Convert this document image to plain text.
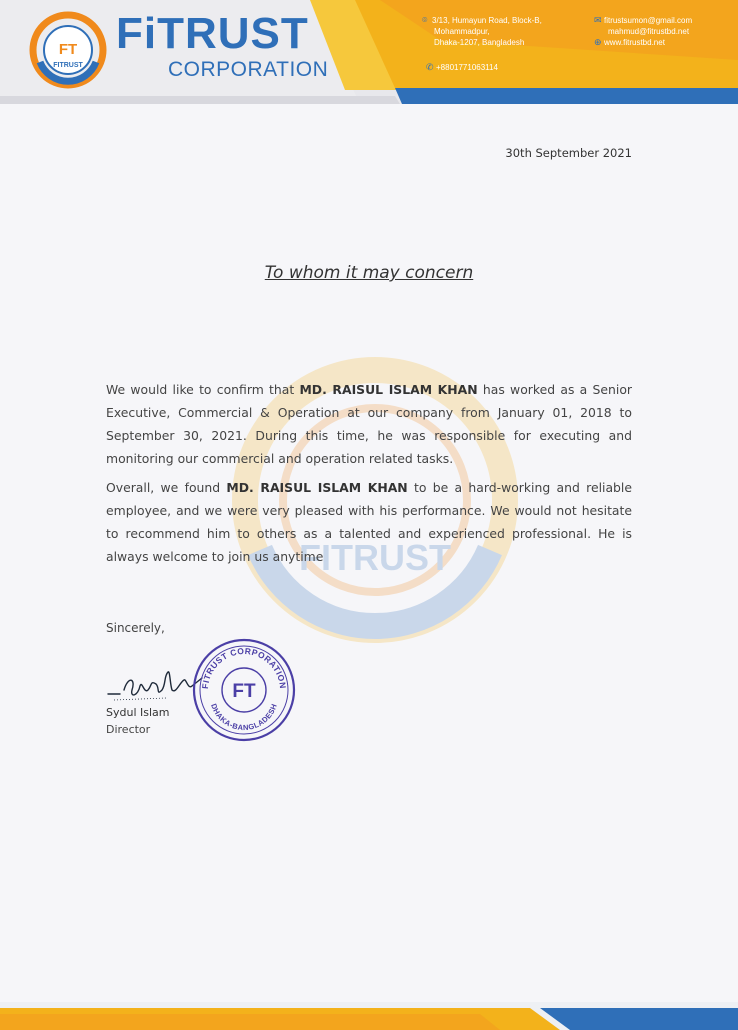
FT
FITRUST
FiTRUST
CORPORATION
⌾ 3/13, Humayun Road, Block-B,
Mohammadpur,
Dhaka-1207, Bangladesh
✆ +8801771063114
✉ fitrustsumon@gmail.com
mahmud@fitrustbd.net
⊕ www.fitrustbd.net
FITRUST
30th September 2021
To whom it may concern

We would like to confirm that MD. RAISUL ISLAM KHAN has worked as a Senior Executive, Commercial & Operation at our company from January 01, 2018 to September 30, 2021. During this time, he was responsible for executing and monitoring our commercial and operation related tasks.

Overall, we found MD. RAISUL ISLAM KHAN to be a hard-working and reliable employee, and we were very pleased with his performance. We would not hesitate to recommend him to others as a talented and experienced professional. He is always welcome to join us anytime

Sincerely,
Sydul Islam
Director
FITRUST CORPORATION
DHAKA-BANGLADESH
FT
